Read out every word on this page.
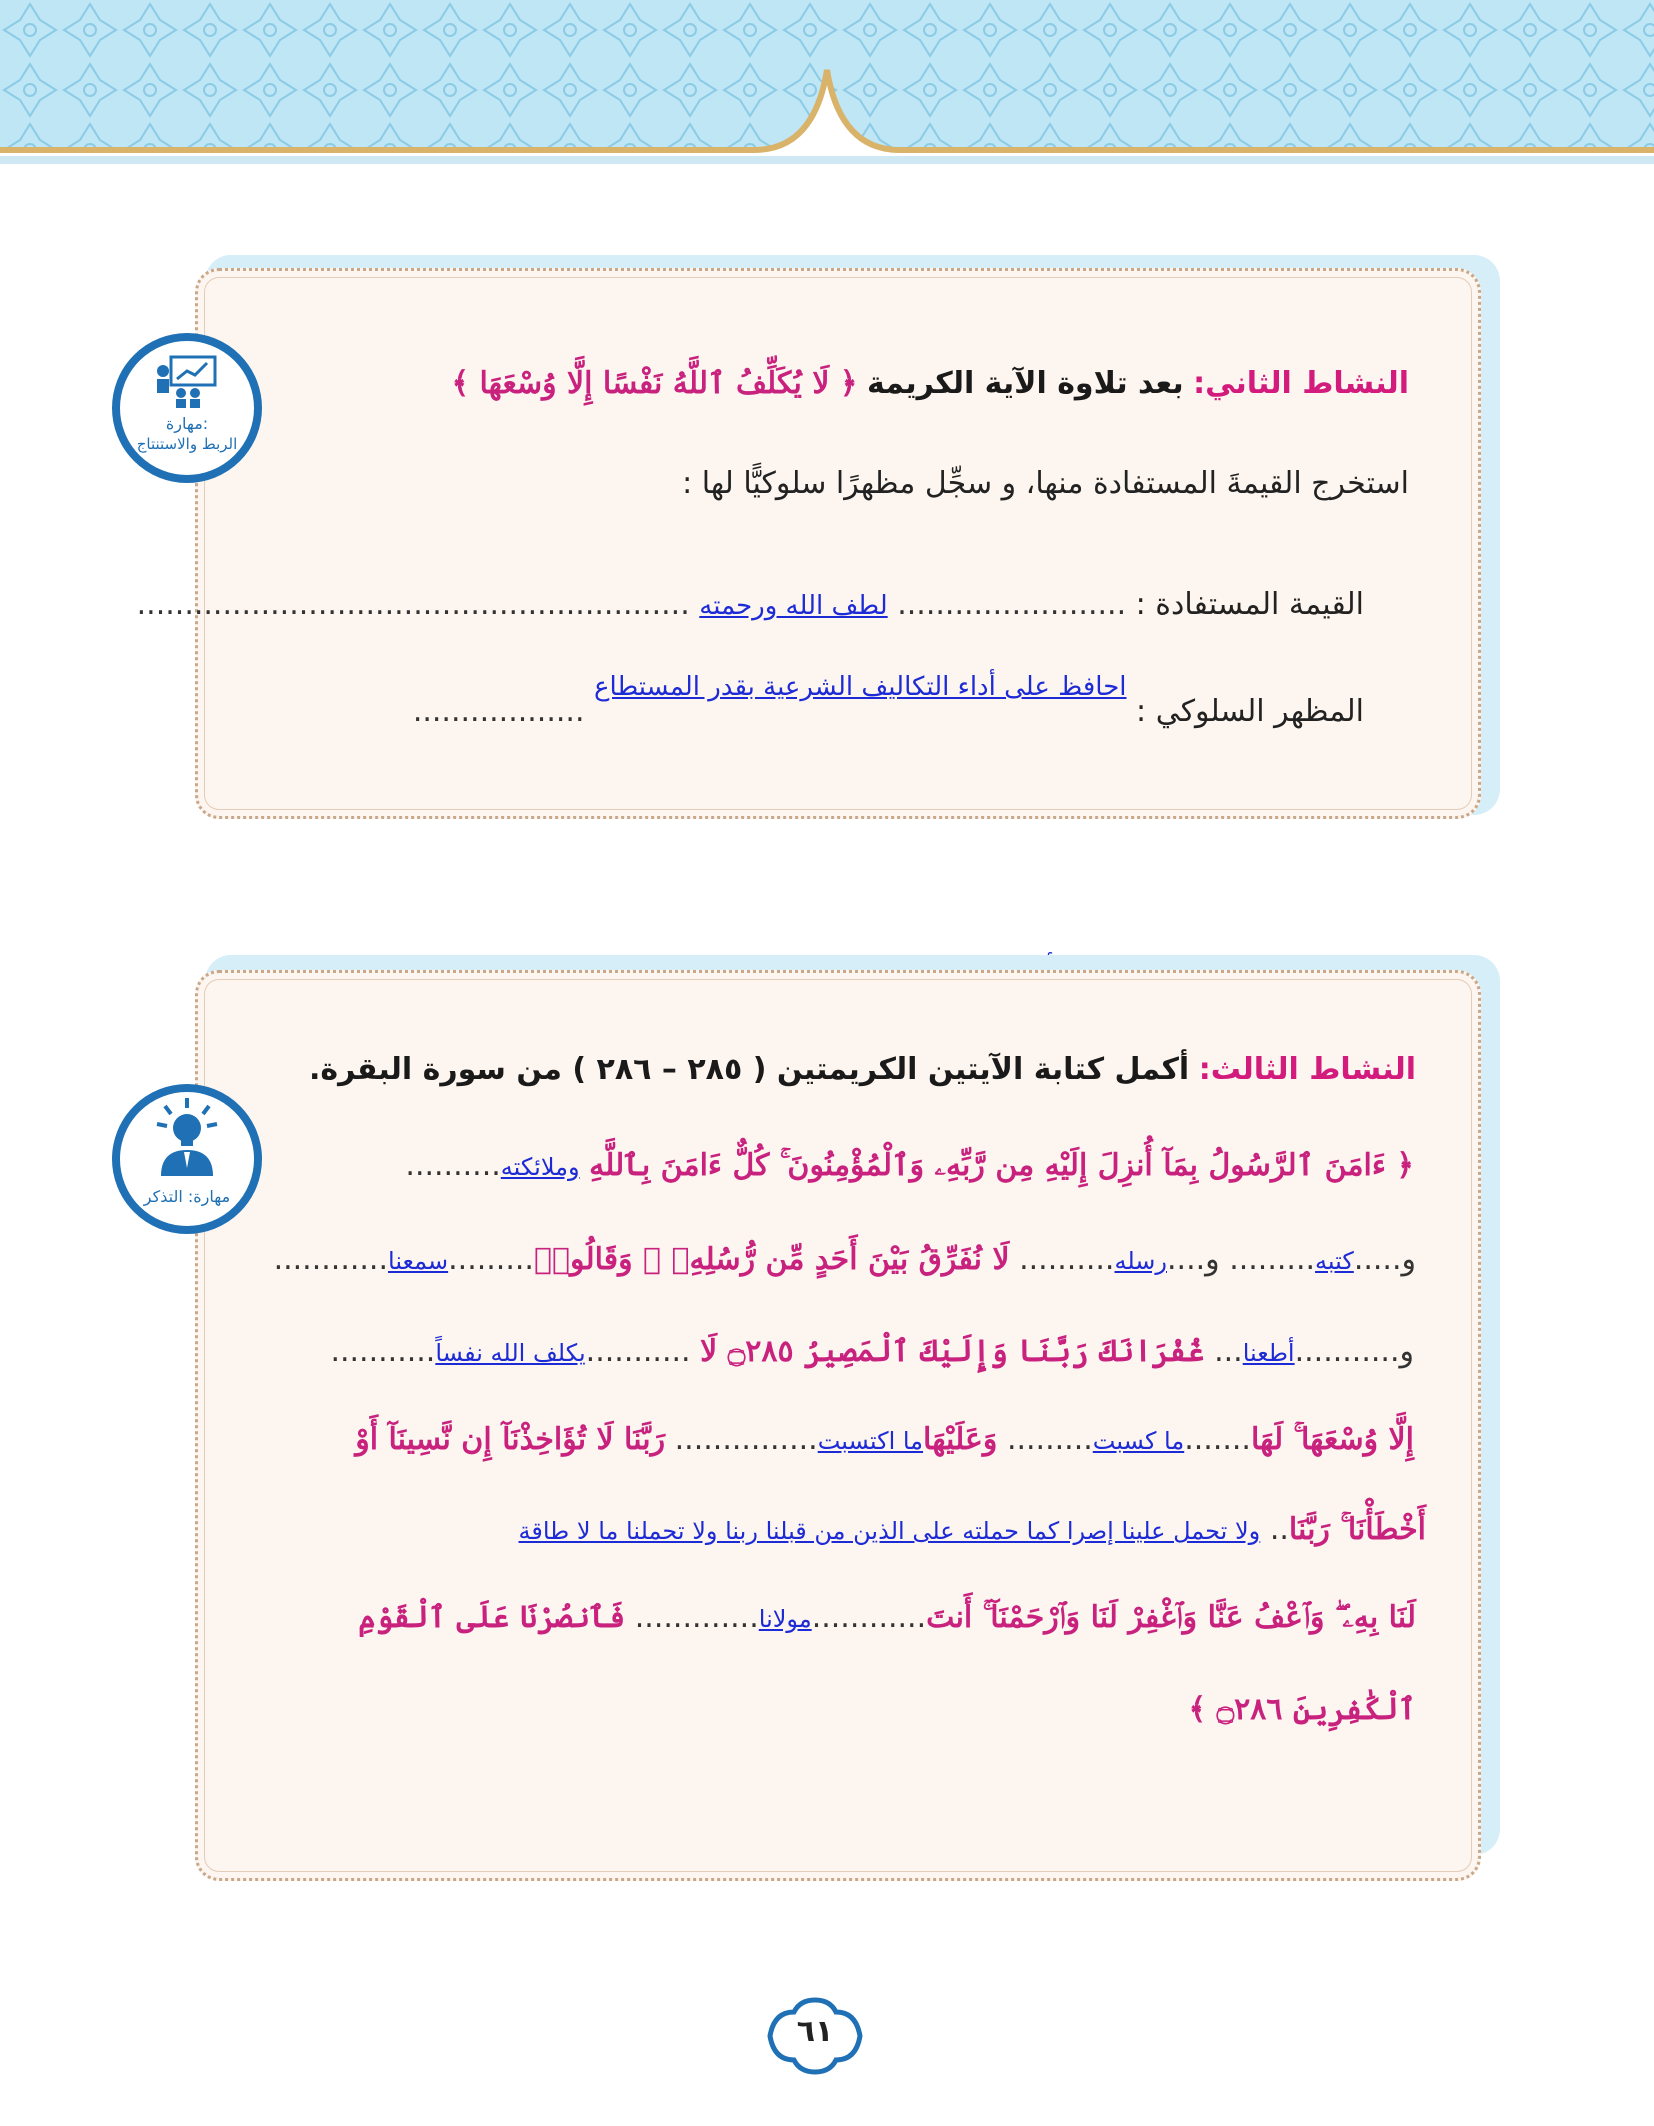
مهارة:
الربط والاستنتاج
النشاط الثاني: بعد تلاوة الآية الكريمة ﴿ لَا يُكَلِّفُ ٱللَّهُ نَفْسًا إِلَّا وُسْعَهَا ﴾
استخرج القيمةَ المستفادة منها، و سجِّل مظهرًا سلوكيًّا لها :
القيمة المستفادة : ........................ لطف الله ورحمته ..........................................................
المظهر السلوكي : احافظ على أداء التكاليف الشرعية بقدر المستطاع ..................
مهارة: التذكر
النشاط الثالث: أكمل كتابة الآيتين الكريمتين ( ٢٨٥ – ٢٨٦ ) من سورة البقرة.
﴿ ءَامَنَ ٱلرَّسُولُ بِمَآ أُنزِلَ إِلَيْهِ مِن رَّبِّهِۦ وَٱلْمُؤْمِنُونَ ۚ كُلٌّ ءَامَنَ بِٱللَّهِ وملائكته..........
و.....كتبه......... و....رسله.......... لَا نُفَرِّقُ بَيْنَ أَحَدٍ مِّن رُّسُلِهِۦ ۚ وَقَالُوا۟.........سمعنا............
و...........أطعنا... غُفْرَانَكَ رَبَّنَا وَإِلَيْكَ ٱلْمَصِيرُ ۝٢٨٥ لَا ...........يكلف الله نفساً...........
إِلَّا وُسْعَهَا ۚ لَهَا.......ما كسبت......... وَعَلَيْهَاما اكتسبت............... رَبَّنَا لَا تُؤَاخِذْنَآ إِن نَّسِينَآ أَوْ
أَخْطَأْنَا ۚ رَبَّنَا.. ولا تحمل علينا إصرا كما حملته على الذين من قبلنا ربنا ولا تحملنا ما لا طاقة
لَنَا بِهِۦ ۖ وَٱعْفُ عَنَّا وَٱغْفِرْ لَنَا وَٱرْحَمْنَآ ۚ أَنتَ............مولانا............. فَٱنصُرْنَا عَلَى ٱلْقَوْمِ
ٱلْكَٰفِرِينَ ۝٢٨٦ ﴾
٦١
